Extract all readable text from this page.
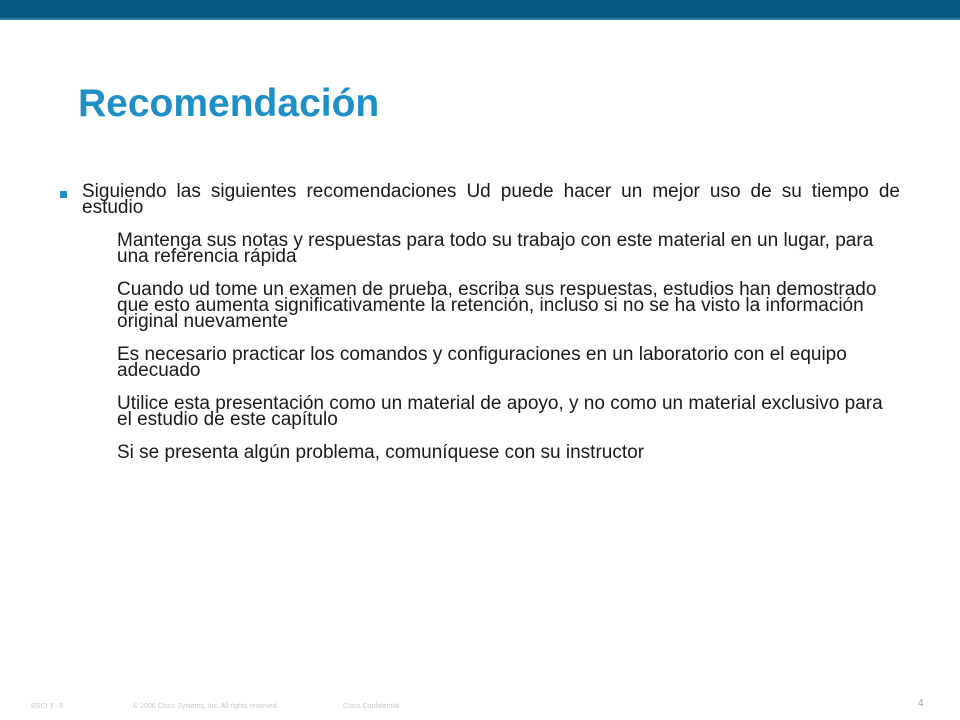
Recomendación
Siguiendo las siguientes recomendaciones Ud puede hacer un mejor uso de su tiempo de estudio
Mantenga sus notas y respuestas para todo su trabajo con este material en un lugar, para una referencia rápida
Cuando ud tome un examen de prueba, escriba sus respuestas, estudios han demostrado que esto aumenta significativamente la retención, incluso si no se ha visto la información original nuevamente
Es necesario practicar los comandos y configuraciones en un laboratorio con el equipo adecuado
Utilice esta presentación como un material de apoyo, y no como un material exclusivo para el estudio de este capítulo
Si se presenta algún problema, comuníquese con su instructor
BSCI 3 - 5	© 2006 Cisco Systems, Inc. All rights reserved.	Cisco Confidential	4
